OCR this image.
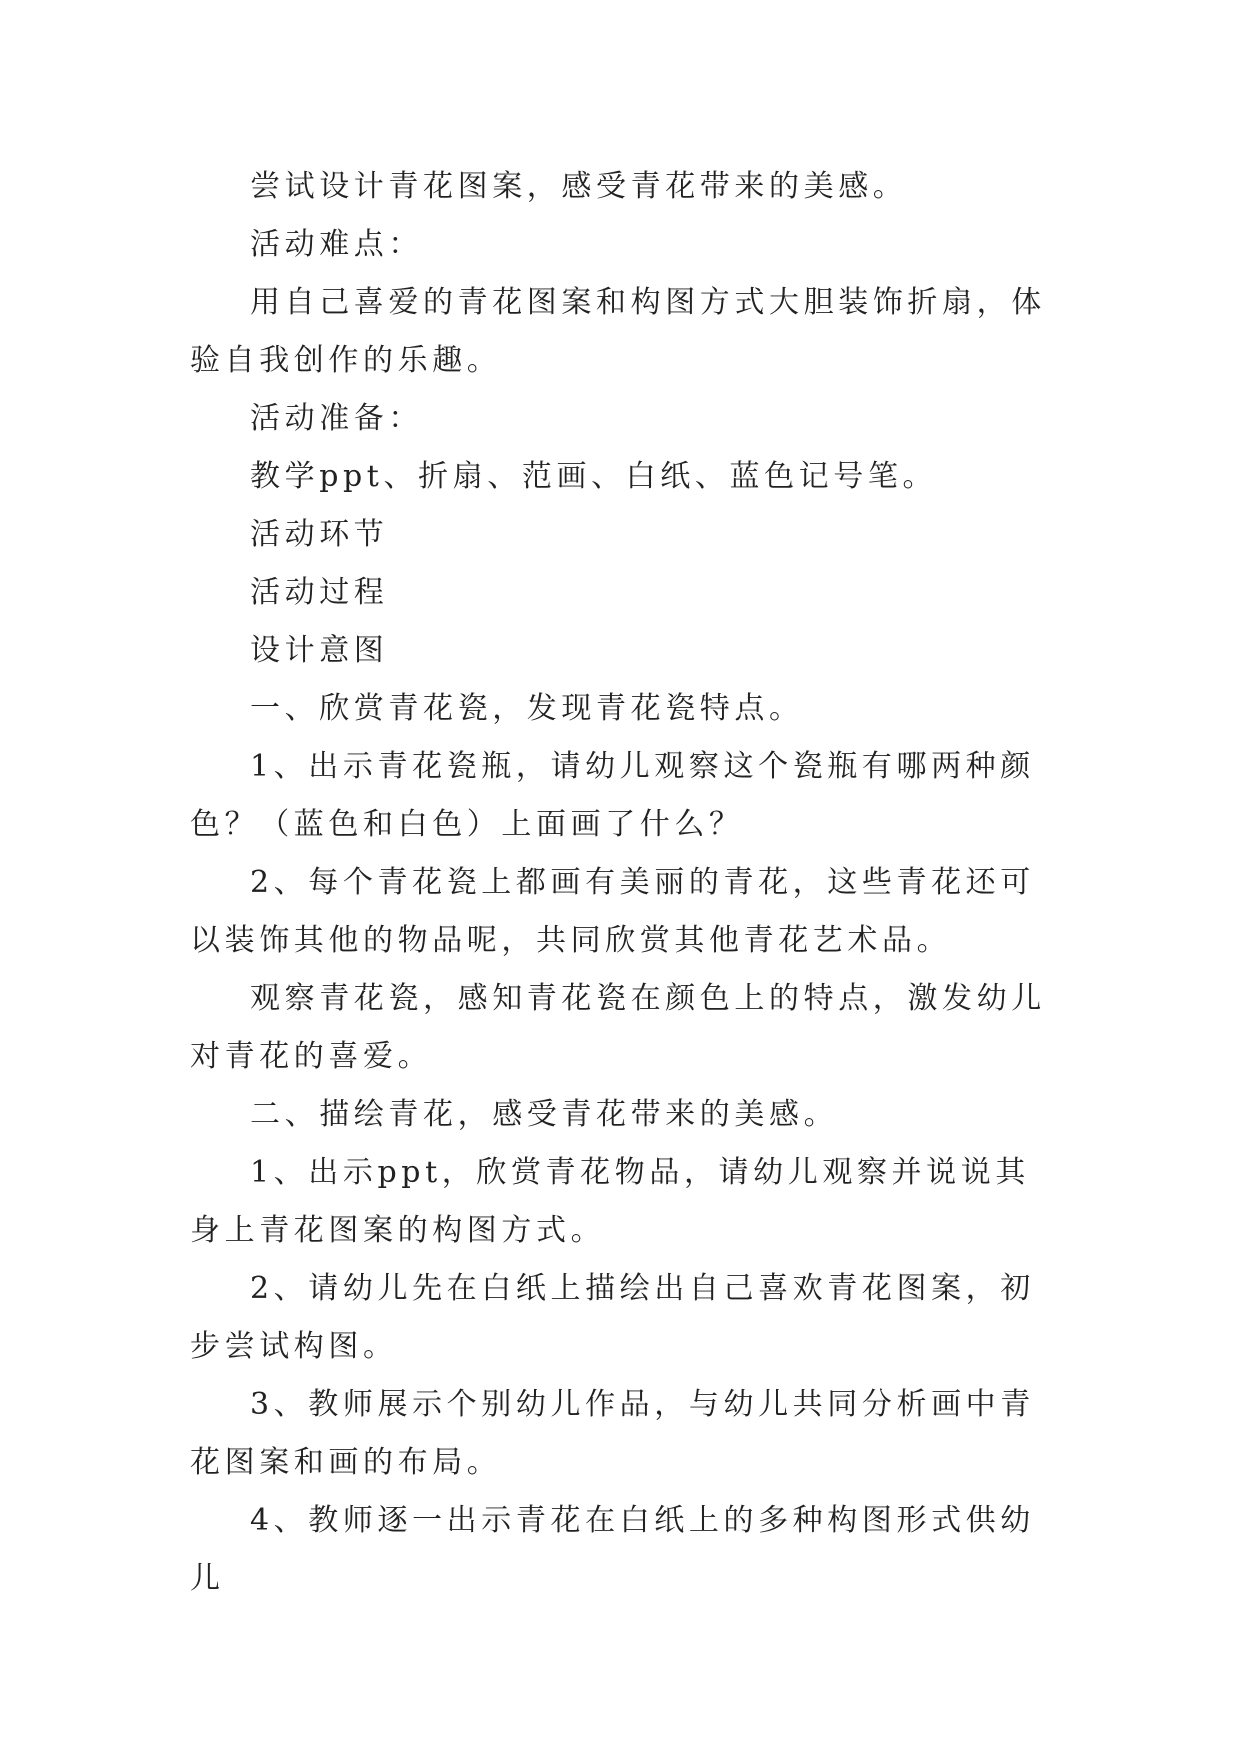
尝试设计青花图案，感受青花带来的美感。

活动难点：

用自己喜爱的青花图案和构图方式大胆装饰折扇，体验自我创作的乐趣。

活动准备：

教学ppt、折扇、范画、白纸、蓝色记号笔。

活动环节

活动过程

设计意图

一、欣赏青花瓷，发现青花瓷特点。

1、出示青花瓷瓶，请幼儿观察这个瓷瓶有哪两种颜色？（蓝色和白色）上面画了什么？

2、每个青花瓷上都画有美丽的青花，这些青花还可以装饰其他的物品呢，共同欣赏其他青花艺术品。

观察青花瓷，感知青花瓷在颜色上的特点，激发幼儿对青花的喜爱。

二、描绘青花，感受青花带来的美感。

1、出示ppt，欣赏青花物品，请幼儿观察并说说其身上青花图案的构图方式。

2、请幼儿先在白纸上描绘出自己喜欢青花图案，初步尝试构图。

3、教师展示个别幼儿作品，与幼儿共同分析画中青花图案和画的布局。

4、教师逐一出示青花在白纸上的多种构图形式供幼儿
